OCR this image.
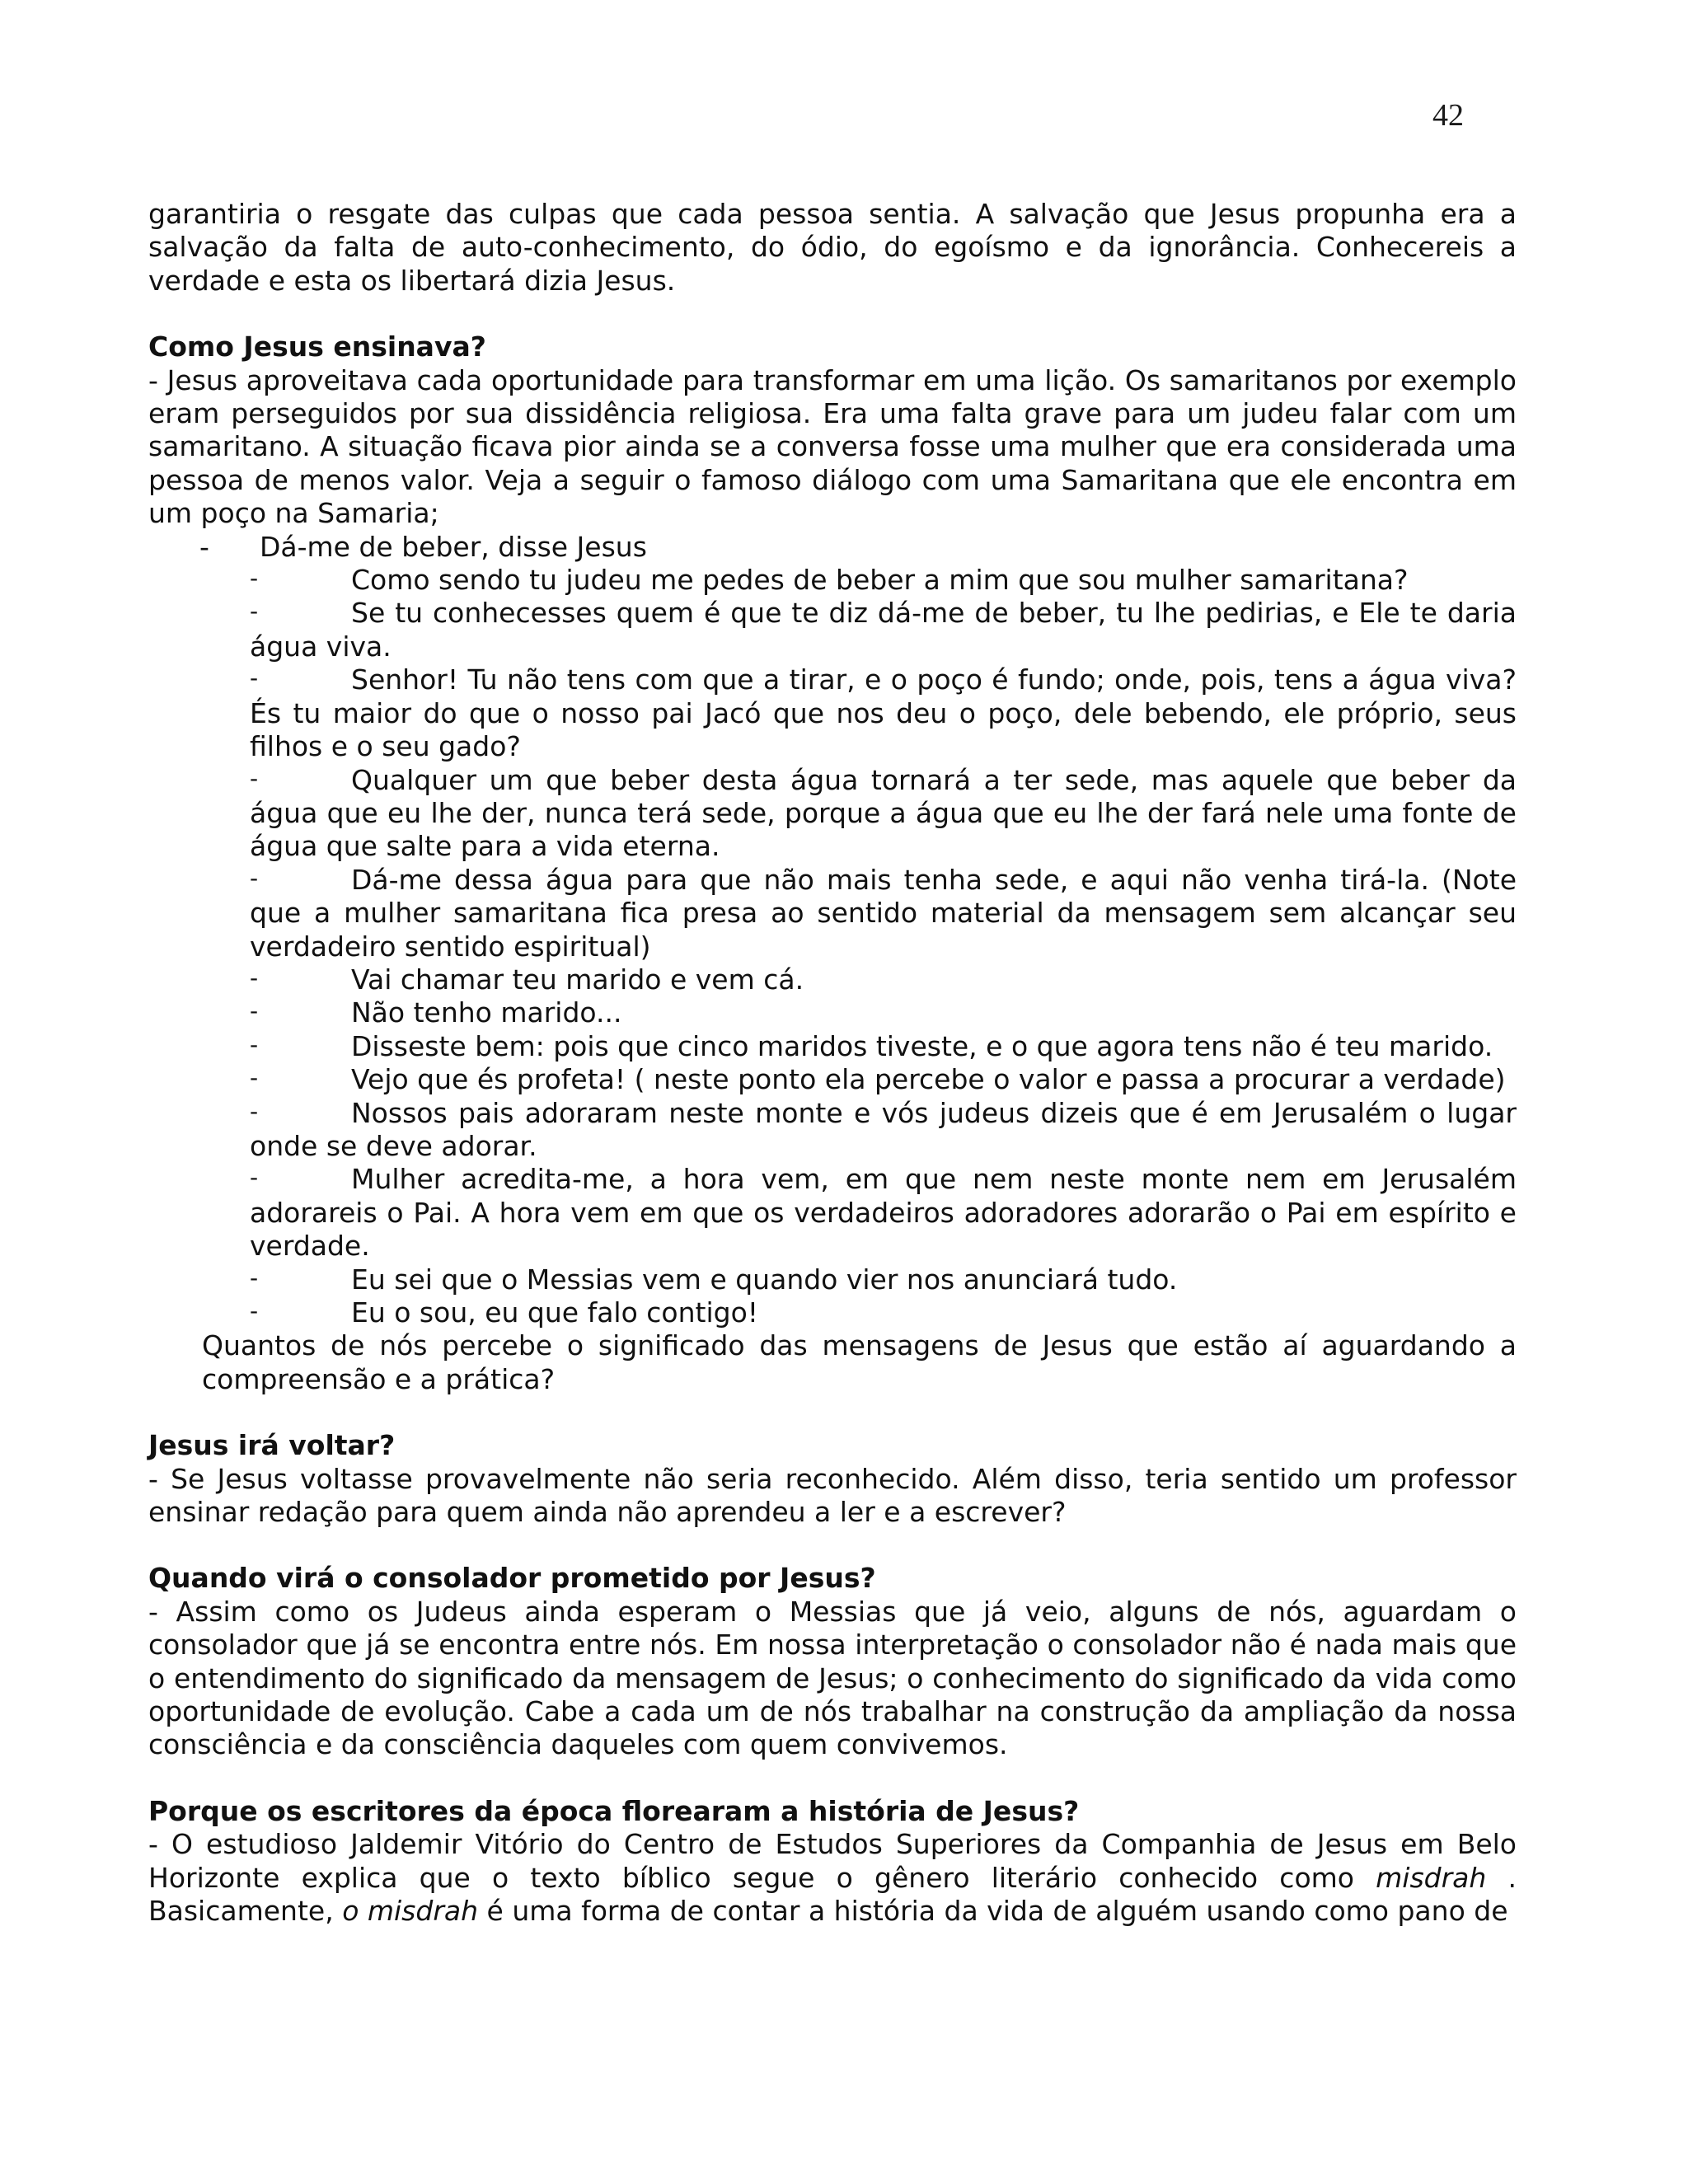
42

garantiria o resgate das culpas que cada pessoa sentia. A salvação que Jesus propunha era a salvação da falta de auto-conhecimento, do ódio, do egoísmo e da ignorância. Conhecereis a verdade e esta os libertará dizia Jesus.

Como Jesus ensinava?

- Jesus aproveitava cada oportunidade para transformar em uma lição. Os samaritanos por exemplo eram perseguidos por sua dissidência religiosa. Era uma falta grave para um judeu falar com um samaritano. A situação ficava pior ainda se a conversa fosse uma mulher que era considerada uma pessoa de menos valor. Veja a seguir o famoso diálogo com uma Samaritana que ele encontra em um poço na Samaria;

- Dá-me de beber, disse Jesus

-	Como sendo tu judeu me pedes de beber a mim que sou mulher samaritana?

-	Se tu conhecesses quem é que te diz dá-me de beber, tu lhe pedirias, e Ele te daria água viva.

-	Senhor! Tu não tens com que a tirar, e o poço é fundo; onde, pois, tens a água viva? És tu maior do que o nosso pai Jacó que nos deu o poço, dele bebendo, ele próprio, seus filhos e o seu gado?

-	Qualquer um que beber desta água tornará a ter sede, mas aquele que beber da água que eu lhe der, nunca terá sede, porque a água que eu lhe der fará nele uma fonte de água que salte para a vida eterna.

-	Dá-me dessa água para que não mais tenha sede, e aqui não venha tirá-la. (Note que a mulher samaritana fica presa ao sentido material da mensagem sem alcançar seu verdadeiro sentido espiritual)

-	Vai chamar teu marido e vem cá.

-	Não tenho marido...

-	Disseste bem: pois que cinco maridos tiveste, e o que agora tens não é teu marido.

-	Vejo que és profeta! ( neste ponto ela percebe o valor e passa a procurar a verdade)

-	Nossos pais adoraram neste monte e vós judeus dizeis que é em Jerusalém o lugar onde se deve adorar.

-	Mulher acredita-me, a hora vem, em que nem neste monte nem em Jerusalém adorareis o Pai. A hora vem em que os verdadeiros adoradores adorarão o Pai em espírito e verdade.

-	Eu sei que o Messias vem e quando vier nos anunciará tudo.

-	Eu o sou, eu que falo contigo!

Quantos de nós percebe o significado das mensagens de Jesus que estão aí aguardando a compreensão e a prática?

Jesus irá voltar?

- Se Jesus voltasse provavelmente não seria reconhecido. Além disso, teria sentido um professor ensinar redação para quem ainda não aprendeu a ler e a escrever?

Quando virá o consolador prometido por Jesus?

- Assim como os Judeus ainda esperam o Messias que já veio, alguns de nós, aguardam o consolador que já se encontra entre nós. Em nossa interpretação o consolador não é nada mais que o entendimento do significado da mensagem de Jesus; o conhecimento do significado da vida como oportunidade de evolução. Cabe a cada um de nós trabalhar na construção da ampliação da nossa consciência e da consciência daqueles com quem convivemos.

Porque os escritores da época florearam a história de Jesus?

- O estudioso Jaldemir Vitório do Centro de Estudos Superiores da Companhia de Jesus em Belo Horizonte explica que o texto bíblico segue o gênero literário conhecido como misdrah . Basicamente, o misdrah é uma forma de contar a história da vida de alguém usando como pano de
